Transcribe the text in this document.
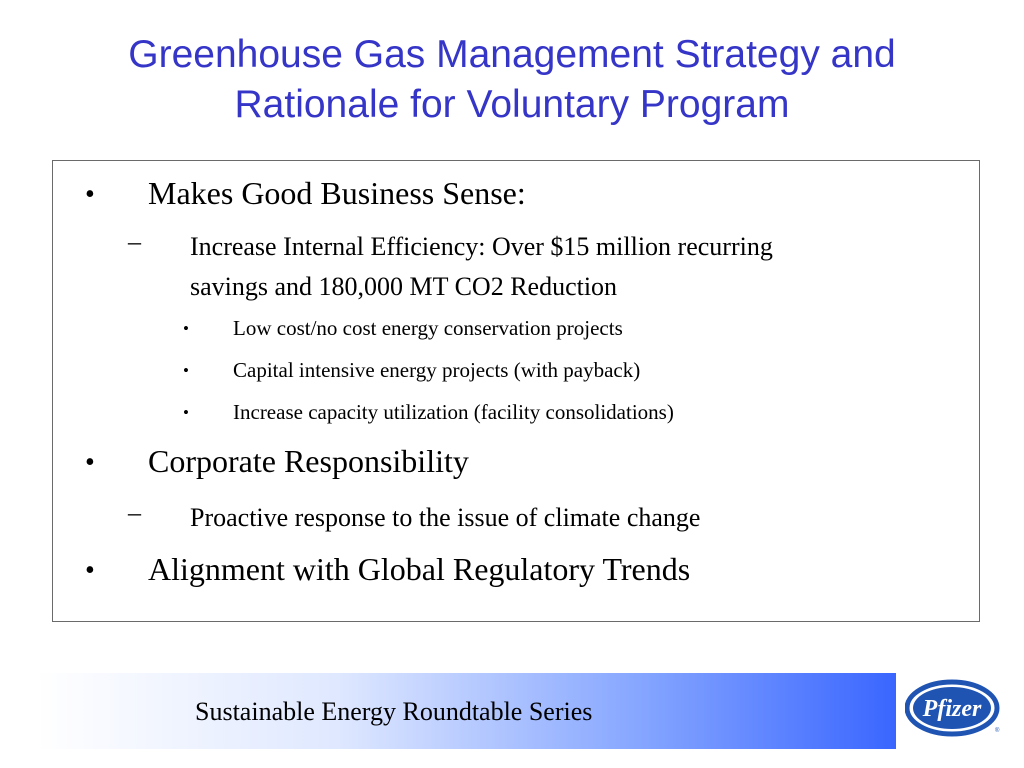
Greenhouse Gas Management Strategy and
Rationale for Voluntary Program
• Makes Good Business Sense:
– Increase Internal Efficiency: Over $15 million recurring
savings and 180,000 MT CO2 Reduction
• Low cost/no cost energy conservation projects
• Capital intensive energy projects (with payback)
• Increase capacity utilization (facility consolidations)
• Corporate Responsibility
– Proactive response to the issue of climate change
• Alignment with Global Regulatory Trends
Sustainable Energy Roundtable Series	Pfizer
®
